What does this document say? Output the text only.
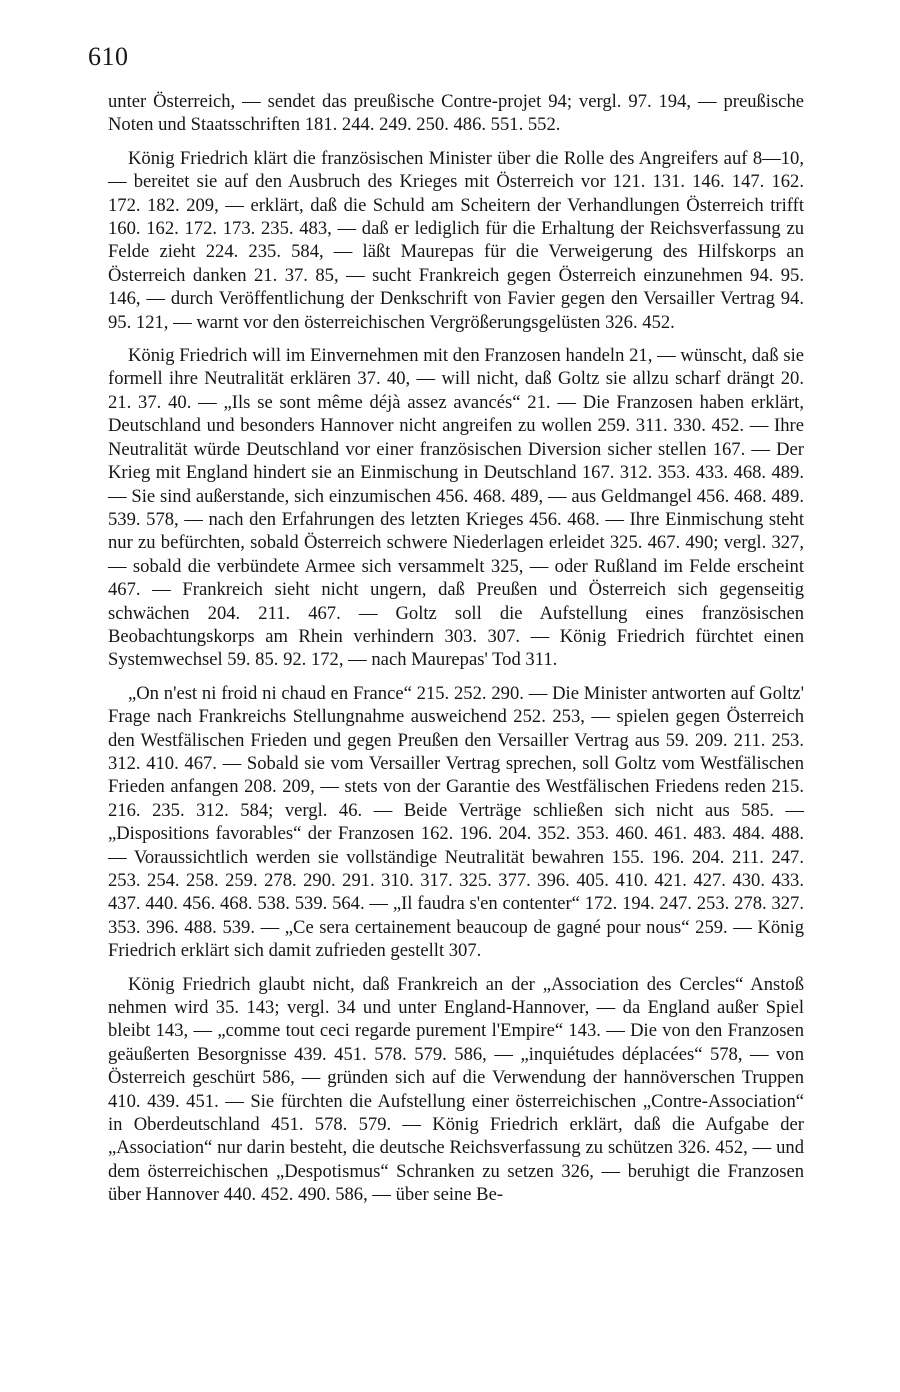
610

unter Österreich, — sendet das preußische Contre-projet 94; vergl. 97. 194, — preußische Noten und Staatsschriften 181. 244. 249. 250. 486. 551. 552.

König Friedrich klärt die französischen Minister über die Rolle des Angreifers auf 8—10, — bereitet sie auf den Ausbruch des Krieges mit Österreich vor 121. 131. 146. 147. 162. 172. 182. 209, — erklärt, daß die Schuld am Scheitern der Verhandlungen Österreich trifft 160. 162. 172. 173. 235. 483, — daß er lediglich für die Erhaltung der Reichsverfassung zu Felde zieht 224. 235. 584, — läßt Maurepas für die Verweigerung des Hilfskorps an Österreich danken 21. 37. 85, — sucht Frankreich gegen Österreich einzunehmen 94. 95. 146, — durch Veröffentlichung der Denkschrift von Favier gegen den Versailler Vertrag 94. 95. 121, — warnt vor den österreichischen Vergrößerungsgelüsten 326. 452.

König Friedrich will im Einvernehmen mit den Franzosen handeln 21, — wünscht, daß sie formell ihre Neutralität erklären 37. 40, — will nicht, daß Goltz sie allzu scharf drängt 20. 21. 37. 40. — „Ils se sont même déjà assez avancés“ 21. — Die Franzosen haben erklärt, Deutschland und besonders Hannover nicht angreifen zu wollen 259. 311. 330. 452. — Ihre Neutralität würde Deutschland vor einer französischen Diversion sicher stellen 167. — Der Krieg mit England hindert sie an Einmischung in Deutschland 167. 312. 353. 433. 468. 489. — Sie sind außerstande, sich einzumischen 456. 468. 489, — aus Geldmangel 456. 468. 489. 539. 578, — nach den Erfahrungen des letzten Krieges 456. 468. — Ihre Einmischung steht nur zu befürchten, sobald Österreich schwere Niederlagen erleidet 325. 467. 490; vergl. 327, — sobald die verbündete Armee sich versammelt 325, — oder Rußland im Felde erscheint 467. — Frankreich sieht nicht ungern, daß Preußen und Österreich sich gegenseitig schwächen 204. 211. 467. — Goltz soll die Aufstellung eines französischen Beobachtungskorps am Rhein verhindern 303. 307. — König Friedrich fürchtet einen Systemwechsel 59. 85. 92. 172, — nach Maurepas' Tod 311.

„On n'est ni froid ni chaud en France“ 215. 252. 290. — Die Minister antworten auf Goltz' Frage nach Frankreichs Stellungnahme ausweichend 252. 253, — spielen gegen Österreich den Westfälischen Frieden und gegen Preußen den Versailler Vertrag aus 59. 209. 211. 253. 312. 410. 467. — Sobald sie vom Versailler Vertrag sprechen, soll Goltz vom Westfälischen Frieden anfangen 208. 209, — stets von der Garantie des Westfälischen Friedens reden 215. 216. 235. 312. 584; vergl. 46. — Beide Verträge schließen sich nicht aus 585. — „Dispositions favorables“ der Franzosen 162. 196. 204. 352. 353. 460. 461. 483. 484. 488. — Voraussichtlich werden sie vollständige Neutralität bewahren 155. 196. 204. 211. 247. 253. 254. 258. 259. 278. 290. 291. 310. 317. 325. 377. 396. 405. 410. 421. 427. 430. 433. 437. 440. 456. 468. 538. 539. 564. — „Il faudra s'en contenter“ 172. 194. 247. 253. 278. 327. 353. 396. 488. 539. — „Ce sera certainement beaucoup de gagné pour nous“ 259. — König Friedrich erklärt sich damit zufrieden gestellt 307.

König Friedrich glaubt nicht, daß Frankreich an der „Association des Cercles“ Anstoß nehmen wird 35. 143; vergl. 34 und unter England-Hannover, — da England außer Spiel bleibt 143, — „comme tout ceci regarde purement l'Empire“ 143. — Die von den Franzosen geäußerten Besorgnisse 439. 451. 578. 579. 586, — „inquiétudes déplacées“ 578, — von Österreich geschürt 586, — gründen sich auf die Verwendung der hannöverschen Truppen 410. 439. 451. — Sie fürchten die Aufstellung einer österreichischen „Contre-Association“ in Oberdeutschland 451. 578. 579. — König Friedrich erklärt, daß die Aufgabe der „Association“ nur darin besteht, die deutsche Reichsverfassung zu schützen 326. 452, — und dem österreichischen „Despotismus“ Schranken zu setzen 326, — beruhigt die Franzosen über Hannover 440. 452. 490. 586, — über seine Be-
